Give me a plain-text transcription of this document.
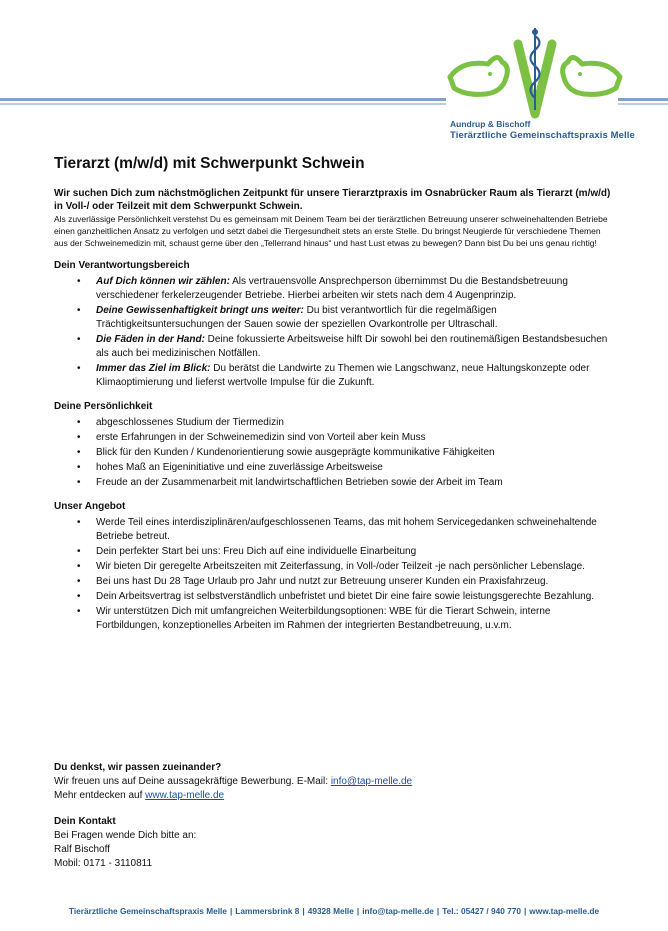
Aundrup & Bischoff
Tierärztliche Gemeinschaftspraxis Melle
Tierarzt (m/w/d) mit Schwerpunkt Schwein

Wir suchen Dich zum nächstmöglichen Zeitpunkt für unsere Tierarztpraxis im Osnabrücker Raum als Tierarzt (m/w/d) in Voll-/ oder Teilzeit mit dem Schwerpunkt Schwein.

Als zuverlässige Persönlichkeit verstehst Du es gemeinsam mit Deinem Team bei der tierärztlichen Betreuung unserer schweinehaltenden Betriebe einen ganzheitlichen Ansatz zu verfolgen und setzt dabei die Tiergesundheit stets an erste Stelle. Du bringst Neugierde für verschiedene Themen aus der Schweinemedizin mit, schaust gerne über den „Tellerrand hinaus“ und hast Lust etwas zu bewegen? Dann bist Du bei uns genau richtig!

Dein Verantwortungsbereich
• Auf Dich können wir zählen: Als vertrauensvolle Ansprechperson übernimmst Du die Bestandsbetreuung verschiedener ferkelerzeugender Betriebe. Hierbei arbeiten wir stets nach dem 4 Augenprinzip.
• Deine Gewissenhaftigkeit bringt uns weiter: Du bist verantwortlich für die regelmäßigen Trächtigkeitsuntersuchungen der Sauen sowie der speziellen Ovarkontrolle per Ultraschall.
• Die Fäden in der Hand: Deine fokussierte Arbeitsweise hilft Dir sowohl bei den routinemäßigen Bestandsbesuchen als auch bei medizinischen Notfällen.
• Immer das Ziel im Blick: Du berätst die Landwirte zu Themen wie Langschwanz, neue Haltungskonzepte oder Klimaoptimierung und lieferst wertvolle Impulse für die Zukunft.
Deine Persönlichkeit
• abgeschlossenes Studium der Tiermedizin
• erste Erfahrungen in der Schweinemedizin sind von Vorteil aber kein Muss
• Blick für den Kunden / Kundenorientierung sowie ausgeprägte kommunikative Fähigkeiten
• hohes Maß an Eigeninitiative und eine zuverlässige Arbeitsweise
• Freude an der Zusammenarbeit mit landwirtschaftlichen Betrieben sowie der Arbeit im Team
Unser Angebot
• Werde Teil eines interdisziplinären/aufgeschlossenen Teams, das mit hohem Servicegedanken schweinehaltende Betriebe betreut.
• Dein perfekter Start bei uns: Freu Dich auf eine individuelle Einarbeitung
• Wir bieten Dir geregelte Arbeitszeiten mit Zeiterfassung, in Voll-/oder Teilzeit -je nach persönlicher Lebenslage.
• Bei uns hast Du 28 Tage Urlaub pro Jahr und nutzt zur Betreuung unserer Kunden ein Praxisfahrzeug.
• Dein Arbeitsvertrag ist selbstverständlich unbefristet und bietet Dir eine faire sowie leistungsgerechte Bezahlung.
• Wir unterstützen Dich mit umfangreichen Weiterbildungsoptionen: WBE für die Tierart Schwein, interne Fortbildungen, konzeptionelles Arbeiten im Rahmen der integrierten Bestandbetreuung, u.v.m.

Du denkst, wir passen zueinander?

Wir freuen uns auf Deine aussagekräftige Bewerbung. E-Mail: info@tap-melle.de

Mehr entdecken auf www.tap-melle.de

Dein Kontakt

Bei Fragen wende Dich bitte an:

Ralf Bischoff

Mobil: 0171 - 3110811

Tierärztliche Gemeinschaftspraxis Melle | Lammersbrink 8 | 49328 Melle | info@tap-melle.de | Tel.: 05427 / 940 770 | www.tap-melle.de
